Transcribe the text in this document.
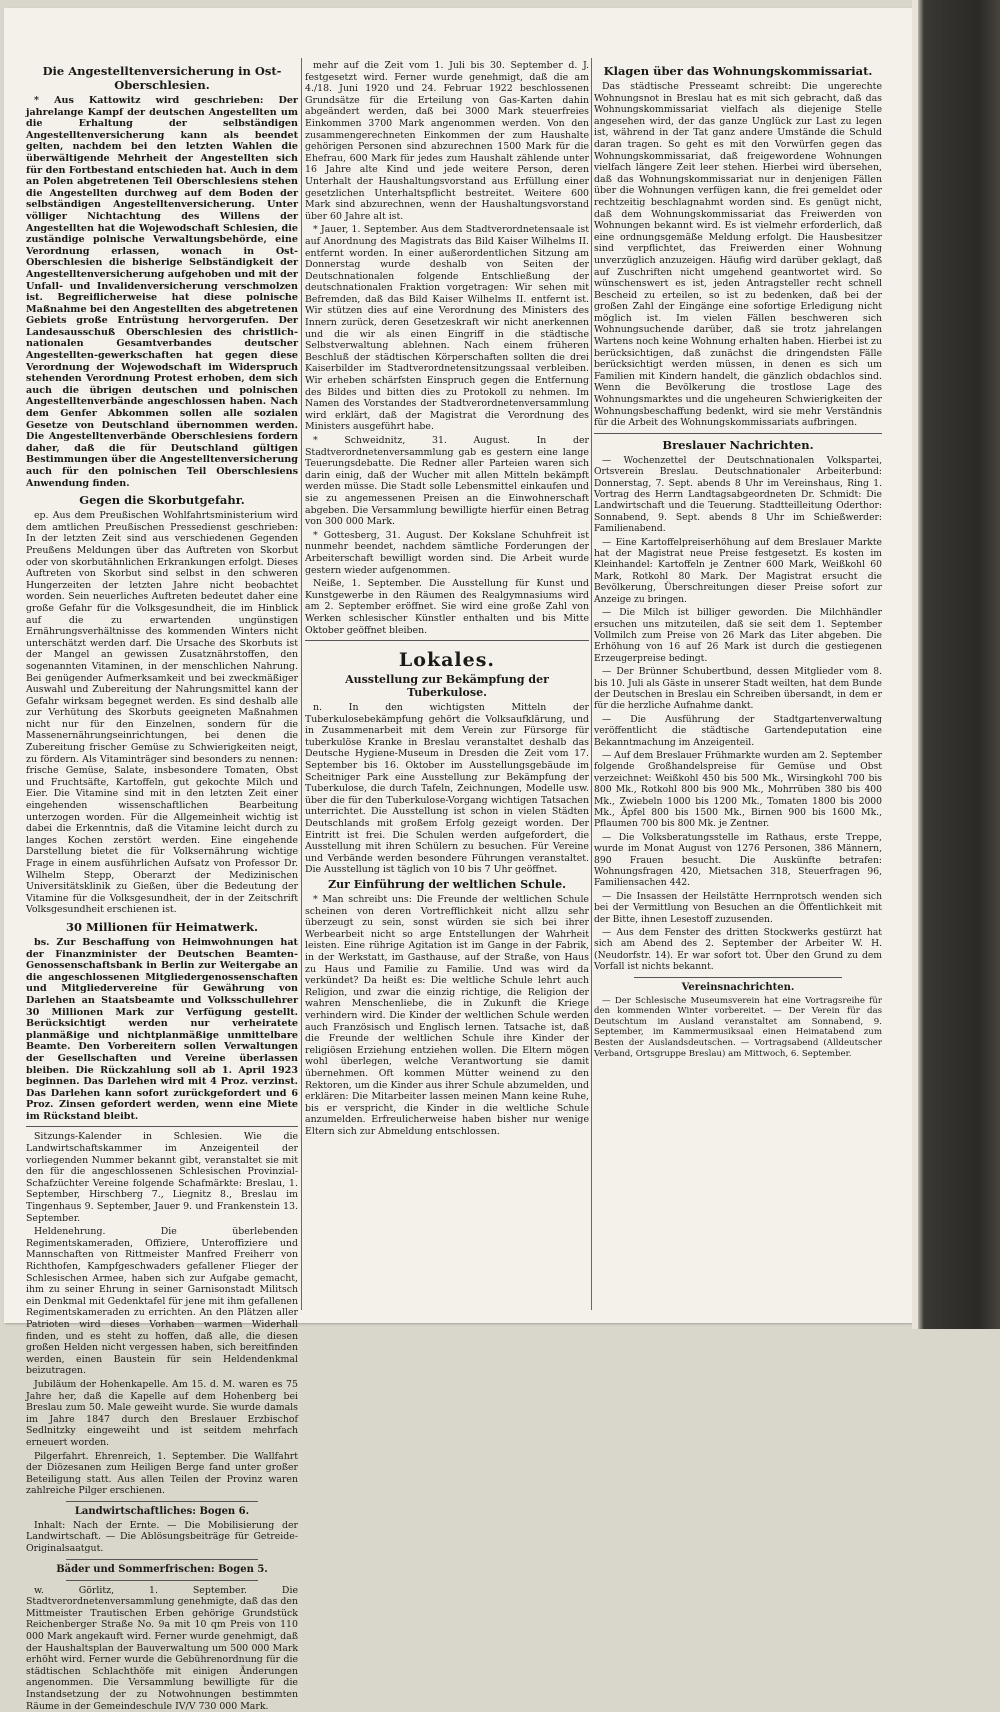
Die Angestelltenversicherung in Ost-Oberschlesien.

* Aus Kattowitz wird geschrieben: Der jahrelange Kampf der deutschen Angestellten um die Erhaltung der selbständigen Angestelltenversicherung kann als beendet gelten, nachdem bei den letzten Wahlen die überwältigende Mehrheit der Angestellten sich für den Fortbestand entschieden hat. Auch in dem an Polen abgetretenen Teil Oberschlesiens stehen die Angestellten durchweg auf dem Boden der selbständigen Angestelltenversicherung. Unter völliger Nichtachtung des Willens der Angestellten hat die Wojewodschaft Schlesien, die zuständige polnische Verwaltungsbehörde, eine Verordnung erlassen, wonach in Ost-Oberschlesien die bisherige Selbständigkeit der Angestelltenversicherung aufgehoben und mit der Unfall- und Invalidenversicherung verschmolzen ist. Begreiflicherweise hat diese polnische Maßnahme bei den Angestellten des abgetretenen Gebiets große Entrüstung hervorgerufen. Der Landesausschuß Oberschlesien des christlich-nationalen Gesamtverbandes deutscher Angestellten-gewerkschaften hat gegen diese Verordnung der Wojewodschaft im Widerspruch stehenden Verordnung Protest erhoben, dem sich auch die übrigen deutschen und polnischen Angestelltenverbände angeschlossen haben. Nach dem Genfer Abkommen sollen alle sozialen Gesetze von Deutschland übernommen werden. Die Angestelltenverbände Oberschlesiens fordern daher, daß die für Deutschland gültigen Bestimmungen über die Angestelltenversicherung auch für den polnischen Teil Oberschlesiens Anwendung finden.

Gegen die Skorbutgefahr.

ep. Aus dem Preußischen Wohlfahrtsministerium wird dem amtlichen Preußischen Pressedienst geschrieben: In der letzten Zeit sind aus verschiedenen Gegenden Preußens Meldungen über das Auftreten von Skorbut oder von skorbutähnlichen Erkrankungen erfolgt. Dieses Auftreten von Skorbut sind selbst in den schweren Hungerzeiten der letzten Jahre nicht beobachtet worden. Sein neuerliches Auftreten bedeutet daher eine große Gefahr für die Volksgesundheit, die im Hinblick auf die zu erwartenden ungünstigen Ernährungsverhältnisse des kommenden Winters nicht unterschätzt werden darf. Die Ursache des Skorbuts ist der Mangel an gewissen Zusatznährstoffen, den sogenannten Vitaminen, in der menschlichen Nahrung. Bei genügender Aufmerksamkeit und bei zweckmäßiger Auswahl und Zubereitung der Nahrungsmittel kann der Gefahr wirksam begegnet werden. Es sind deshalb alle zur Verhütung des Skorbuts geeigneten Maßnahmen nicht nur für den Einzelnen, sondern für die Massenernährungseinrichtungen, bei denen die Zubereitung frischer Gemüse zu Schwierigkeiten neigt, zu fördern. Als Vitaminträger sind besonders zu nennen: frische Gemüse, Salate, insbesondere Tomaten, Obst und Fruchtsäfte, Kartoffeln, gut gekochte Milch und Eier. Die Vitamine sind mit in den letzten Zeit einer eingehenden wissenschaftlichen Bearbeitung unterzogen worden. Für die Allgemeinheit wichtig ist dabei die Erkenntnis, daß die Vitamine leicht durch zu langes Kochen zerstört werden. Eine eingehende Darstellung bietet die für Volksernährung wichtige Frage in einem ausführlichen Aufsatz von Professor Dr. Wilhelm Stepp, Oberarzt der Medizinischen Universitätsklinik zu Gießen, über die Bedeutung der Vitamine für die Volksgesundheit, der in der Zeitschrift Volksgesundheit erschienen ist.

30 Millionen für Heimatwerk.

bs. Zur Beschaffung von Heimwohnungen hat der Finanzminister der Deutschen Beamten-Genossenschaftsbank in Berlin zur Weitergabe an die angeschlossenen Mitgliedergenossenschaften und Mitgliedervereine für Gewährung von Darlehen an Staatsbeamte und Volksschullehrer 30 Millionen Mark zur Verfügung gestellt. Berücksichtigt werden nur verheiratete planmäßige und nichtplanmäßige unmittelbare Beamte. Den Vorbereitern sollen Verwaltungen der Gesellschaften und Vereine überlassen bleiben. Die Rückzahlung soll ab 1. April 1923 beginnen. Das Darlehen wird mit 4 Proz. verzinst. Das Darlehen kann sofort zurückgefordert und 6 Proz. Zinsen gefordert werden, wenn eine Miete im Rückstand bleibt.

Sitzungs-Kalender in Schlesien. Wie die Landwirtschaftskammer im Anzeigenteil der vorliegenden Nummer bekannt gibt, veranstaltet sie mit den für die angeschlossenen Schlesischen Provinzial-Schafzüchter Vereine folgende Schafmärkte: Breslau, 1. September, Hirschberg 7., Liegnitz 8., Breslau im Tingenhaus 9. September, Jauer 9. und Frankenstein 13. September.

Heldenehrung. Die überlebenden Regimentskameraden, Offiziere, Unteroffiziere und Mannschaften von Rittmeister Manfred Freiherr von Richthofen, Kampfgeschwaders gefallener Flieger der Schlesischen Armee, haben sich zur Aufgabe gemacht, ihm zu seiner Ehrung in seiner Garnisonstadt Militsch ein Denkmal mit Gedenktafel für jene mit ihm gefallenen Regimentskameraden zu errichten. An den Plätzen aller Patrioten wird dieses Vorhaben warmen Widerhall finden, und es steht zu hoffen, daß alle, die diesen großen Helden nicht vergessen haben, sich bereitfinden werden, einen Baustein für sein Heldendenkmal beizutragen.

Jubiläum der Hohenkapelle. Am 15. d. M. waren es 75 Jahre her, daß die Kapelle auf dem Hohenberg bei Breslau zum 50. Male geweiht wurde. Sie wurde damals im Jahre 1847 durch den Breslauer Erzbischof Sedlnitzky eingeweiht und ist seitdem mehrfach erneuert worden.

Pilgerfahrt. Ehrenreich, 1. September. Die Wallfahrt der Diözesanen zum Heiligen Berge fand unter großer Beteiligung statt. Aus allen Teilen der Provinz waren zahlreiche Pilger erschienen.

Landwirtschaftliches: Bogen 6.

Inhalt: Nach der Ernte. — Die Mobilisierung der Landwirtschaft. — Die Ablösungsbeiträge für Getreide-Originalsaatgut.

Bäder und Sommerfrischen: Bogen 5.

w. Görlitz, 1. September. Die Stadtverordnetenversammlung genehmigte, daß das den Mittmeister Trautischen Erben gehörige Grundstück Reichenberger Straße No. 9a mit 10 qm Preis von 110 000 Mark angekauft wird. Ferner wurde genehmigt, daß der Haushaltsplan der Bauverwaltung um 500 000 Mark erhöht wird. Ferner wurde die Gebührenordnung für die städtischen Schlachthöfe mit einigen Änderungen angenommen. Die Versammlung bewilligte für die Instandsetzung der zu Notwohnungen bestimmten Räume in der Gemeindeschule IV/V 730 000 Mark.

mehr auf die Zeit vom 1. Juli bis 30. September d. J. festgesetzt wird. Ferner wurde genehmigt, daß die am 4./18. Juni 1920 und 24. Februar 1922 beschlossenen Grundsätze für die Erteilung von Gas-Karten dahin abgeändert werden, daß bei 3000 Mark steuerfreies Einkommen 3700 Mark angenommen werden. Von den zusammengerechneten Einkommen der zum Haushalte gehörigen Personen sind abzurechnen 1500 Mark für die Ehefrau, 600 Mark für jedes zum Haushalt zählende unter 16 Jahre alte Kind und jede weitere Person, deren Unterhalt der Haushaltungsvorstand aus Erfüllung einer gesetzlichen Unterhaltspflicht bestreitet. Weitere 600 Mark sind abzurechnen, wenn der Haushaltungsvorstand über 60 Jahre alt ist.

* Jauer, 1. September. Aus dem Stadtverordnetensaale ist auf Anordnung des Magistrats das Bild Kaiser Wilhelms II. entfernt worden. In einer außerordentlichen Sitzung am Donnerstag wurde deshalb von Seiten der Deutschnationalen folgende Entschließung der deutschnationalen Fraktion vorgetragen: Wir sehen mit Befremden, daß das Bild Kaiser Wilhelms II. entfernt ist. Wir stützen dies auf eine Verordnung des Ministers des Innern zurück, deren Gesetzeskraft wir nicht anerkennen und die wir als einen Eingriff in die städtische Selbstverwaltung ablehnen. Nach einem früheren Beschluß der städtischen Körperschaften sollten die drei Kaiserbilder im Stadtverordnetensitzungssaal verbleiben. Wir erheben schärfsten Einspruch gegen die Entfernung des Bildes und bitten dies zu Protokoll zu nehmen. Im Namen des Vorstandes der Stadtverordnetenversammlung wird erklärt, daß der Magistrat die Verordnung des Ministers ausgeführt habe.

* Schweidnitz, 31. August. In der Stadtverordnetenversammlung gab es gestern eine lange Teuerungsdebatte. Die Redner aller Parteien waren sich darin einig, daß der Wucher mit allen Mitteln bekämpft werden müsse. Die Stadt solle Lebensmittel einkaufen und sie zu angemessenen Preisen an die Einwohnerschaft abgeben. Die Versammlung bewilligte hierfür einen Betrag von 300 000 Mark.

* Gottesberg, 31. August. Der Kokslane Schuhfreit ist nunmehr beendet, nachdem sämtliche Forderungen der Arbeiterschaft bewilligt worden sind. Die Arbeit wurde gestern wieder aufgenommen.

Neiße, 1. September. Die Ausstellung für Kunst und Kunstgewerbe in den Räumen des Realgymnasiums wird am 2. September eröffnet. Sie wird eine große Zahl von Werken schlesischer Künstler enthalten und bis Mitte Oktober geöffnet bleiben.

Lokales.
Ausstellung zur Bekämpfung der Tuberkulose.

n. In den wichtigsten Mitteln der Tuberkulosebekämpfung gehört die Volksaufklärung, und in Zusammenarbeit mit dem Verein zur Fürsorge für tuberkulöse Kranke in Breslau veranstaltet deshalb das Deutsche Hygiene-Museum in Dresden die Zeit vom 17. September bis 16. Oktober im Ausstellungsgebäude im Scheitniger Park eine Ausstellung zur Bekämpfung der Tuberkulose, die durch Tafeln, Zeichnungen, Modelle usw. über die für den Tuberkulose-Vorgang wichtigen Tatsachen unterrichtet. Die Ausstellung ist schon in vielen Städten Deutschlands mit großem Erfolg gezeigt worden. Der Eintritt ist frei. Die Schulen werden aufgefordert, die Ausstellung mit ihren Schülern zu besuchen. Für Vereine und Verbände werden besondere Führungen veranstaltet. Die Ausstellung ist täglich von 10 bis 7 Uhr geöffnet.

Zur Einführung der weltlichen Schule.

* Man schreibt uns: Die Freunde der weltlichen Schule scheinen von deren Vortrefflichkeit nicht allzu sehr überzeugt zu sein, sonst würden sie sich bei ihrer Werbearbeit nicht so arge Entstellungen der Wahrheit leisten. Eine rührige Agitation ist im Gange in der Fabrik, in der Werkstatt, im Gasthause, auf der Straße, von Haus zu Haus und Familie zu Familie. Und was wird da verkündet? Da heißt es: Die weltliche Schule lehrt auch Religion, und zwar die einzig richtige, die Religion der wahren Menschenliebe, die in Zukunft die Kriege verhindern wird. Die Kinder der weltlichen Schule werden auch Französisch und Englisch lernen. Tatsache ist, daß die Freunde der weltlichen Schule ihre Kinder der religiösen Erziehung entziehen wollen. Die Eltern mögen wohl überlegen, welche Verantwortung sie damit übernehmen. Oft kommen Mütter weinend zu den Rektoren, um die Kinder aus ihrer Schule abzumelden, und erklären: Die Mitarbeiter lassen meinen Mann keine Ruhe, bis er verspricht, die Kinder in die weltliche Schule anzumelden. Erfreulicherweise haben bisher nur wenige Eltern sich zur Abmeldung entschlossen.

Klagen über das Wohnungskommissariat.

Das städtische Presseamt schreibt: Die ungerechte Wohnungsnot in Breslau hat es mit sich gebracht, daß das Wohnungskommissariat vielfach als diejenige Stelle angesehen wird, der das ganze Unglück zur Last zu legen ist, während in der Tat ganz andere Umstände die Schuld daran tragen. So geht es mit den Vorwürfen gegen das Wohnungskommissariat, daß freigewordene Wohnungen vielfach längere Zeit leer stehen. Hierbei wird übersehen, daß das Wohnungskommissariat nur in denjenigen Fällen über die Wohnungen verfügen kann, die frei gemeldet oder rechtzeitig beschlagnahmt worden sind. Es genügt nicht, daß dem Wohnungskommissariat das Freiwerden von Wohnungen bekannt wird. Es ist vielmehr erforderlich, daß eine ordnungsgemäße Meldung erfolgt. Die Hausbesitzer sind verpflichtet, das Freiwerden einer Wohnung unverzüglich anzuzeigen. Häufig wird darüber geklagt, daß auf Zuschriften nicht umgehend geantwortet wird. So wünschenswert es ist, jeden Antragsteller recht schnell Bescheid zu erteilen, so ist zu bedenken, daß bei der großen Zahl der Eingänge eine sofortige Erledigung nicht möglich ist. Im vielen Fällen beschweren sich Wohnungsuchende darüber, daß sie trotz jahrelangen Wartens noch keine Wohnung erhalten haben. Hierbei ist zu berücksichtigen, daß zunächst die dringendsten Fälle berücksichtigt werden müssen, in denen es sich um Familien mit Kindern handelt, die gänzlich obdachlos sind. Wenn die Bevölkerung die trostlose Lage des Wohnungsmarktes und die ungeheuren Schwierigkeiten der Wohnungsbeschaffung bedenkt, wird sie mehr Verständnis für die Arbeit des Wohnungskommissariats aufbringen.

Breslauer Nachrichten.

— Wochenzettel der Deutschnationalen Volkspartei, Ortsverein Breslau. Deutschnationaler Arbeiterbund: Donnerstag, 7. Sept. abends 8 Uhr im Vereinshaus, Ring 1. Vortrag des Herrn Landtagsabgeordneten Dr. Schmidt: Die Landwirtschaft und die Teuerung. Stadtteilleitung Oderthor: Sonnabend, 9. Sept. abends 8 Uhr im Schießwerder: Familienabend.

— Eine Kartoffelpreiserhöhung auf dem Breslauer Markte hat der Magistrat neue Preise festgesetzt. Es kosten im Kleinhandel: Kartoffeln je Zentner 600 Mark, Weißkohl 60 Mark, Rotkohl 80 Mark. Der Magistrat ersucht die Bevölkerung, Überschreitungen dieser Preise sofort zur Anzeige zu bringen.

— Die Milch ist billiger geworden. Die Milchhändler ersuchen uns mitzuteilen, daß sie seit dem 1. September Vollmilch zum Preise von 26 Mark das Liter abgeben. Die Erhöhung von 16 auf 26 Mark ist durch die gestiegenen Erzeugerpreise bedingt.

— Der Brünner Schubertbund, dessen Mitglieder vom 8. bis 10. Juli als Gäste in unserer Stadt weilten, hat dem Bunde der Deutschen in Breslau ein Schreiben übersandt, in dem er für die herzliche Aufnahme dankt.

— Die Ausführung der Stadtgartenverwaltung veröffentlicht die städtische Gartendeputation eine Bekanntmachung im Anzeigenteil.

— Auf dem Breslauer Frühmarkte wurden am 2. September folgende Großhandelspreise für Gemüse und Obst verzeichnet: Weißkohl 450 bis 500 Mk., Wirsingkohl 700 bis 800 Mk., Rotkohl 800 bis 900 Mk., Mohrrüben 380 bis 400 Mk., Zwiebeln 1000 bis 1200 Mk., Tomaten 1800 bis 2000 Mk., Äpfel 800 bis 1500 Mk., Birnen 900 bis 1600 Mk., Pflaumen 700 bis 800 Mk. je Zentner.

— Die Volksberatungsstelle im Rathaus, erste Treppe, wurde im Monat August von 1276 Personen, 386 Männern, 890 Frauen besucht. Die Auskünfte betrafen: Wohnungsfragen 420, Mietsachen 318, Steuerfragen 96, Familiensachen 442.

— Die Insassen der Heilstätte Herrnprotsch wenden sich bei der Vermittlung von Besuchen an die Öffentlichkeit mit der Bitte, ihnen Lesestoff zuzusenden.

— Aus dem Fenster des dritten Stockwerks gestürzt hat sich am Abend des 2. September der Arbeiter W. H. (Neudorfstr. 14). Er war sofort tot. Über den Grund zu dem Vorfall ist nichts bekannt.

Vereinsnachrichten.

— Der Schlesische Museumsverein hat eine Vortragsreihe für den kommenden Winter vorbereitet. — Der Verein für das Deutschtum im Ausland veranstaltet am Sonnabend, 9. September, im Kammermusiksaal einen Heimatabend zum Besten der Auslandsdeutschen. — Vortragsabend (Alldeutscher Verband, Ortsgruppe Breslau) am Mittwoch, 6. September.
